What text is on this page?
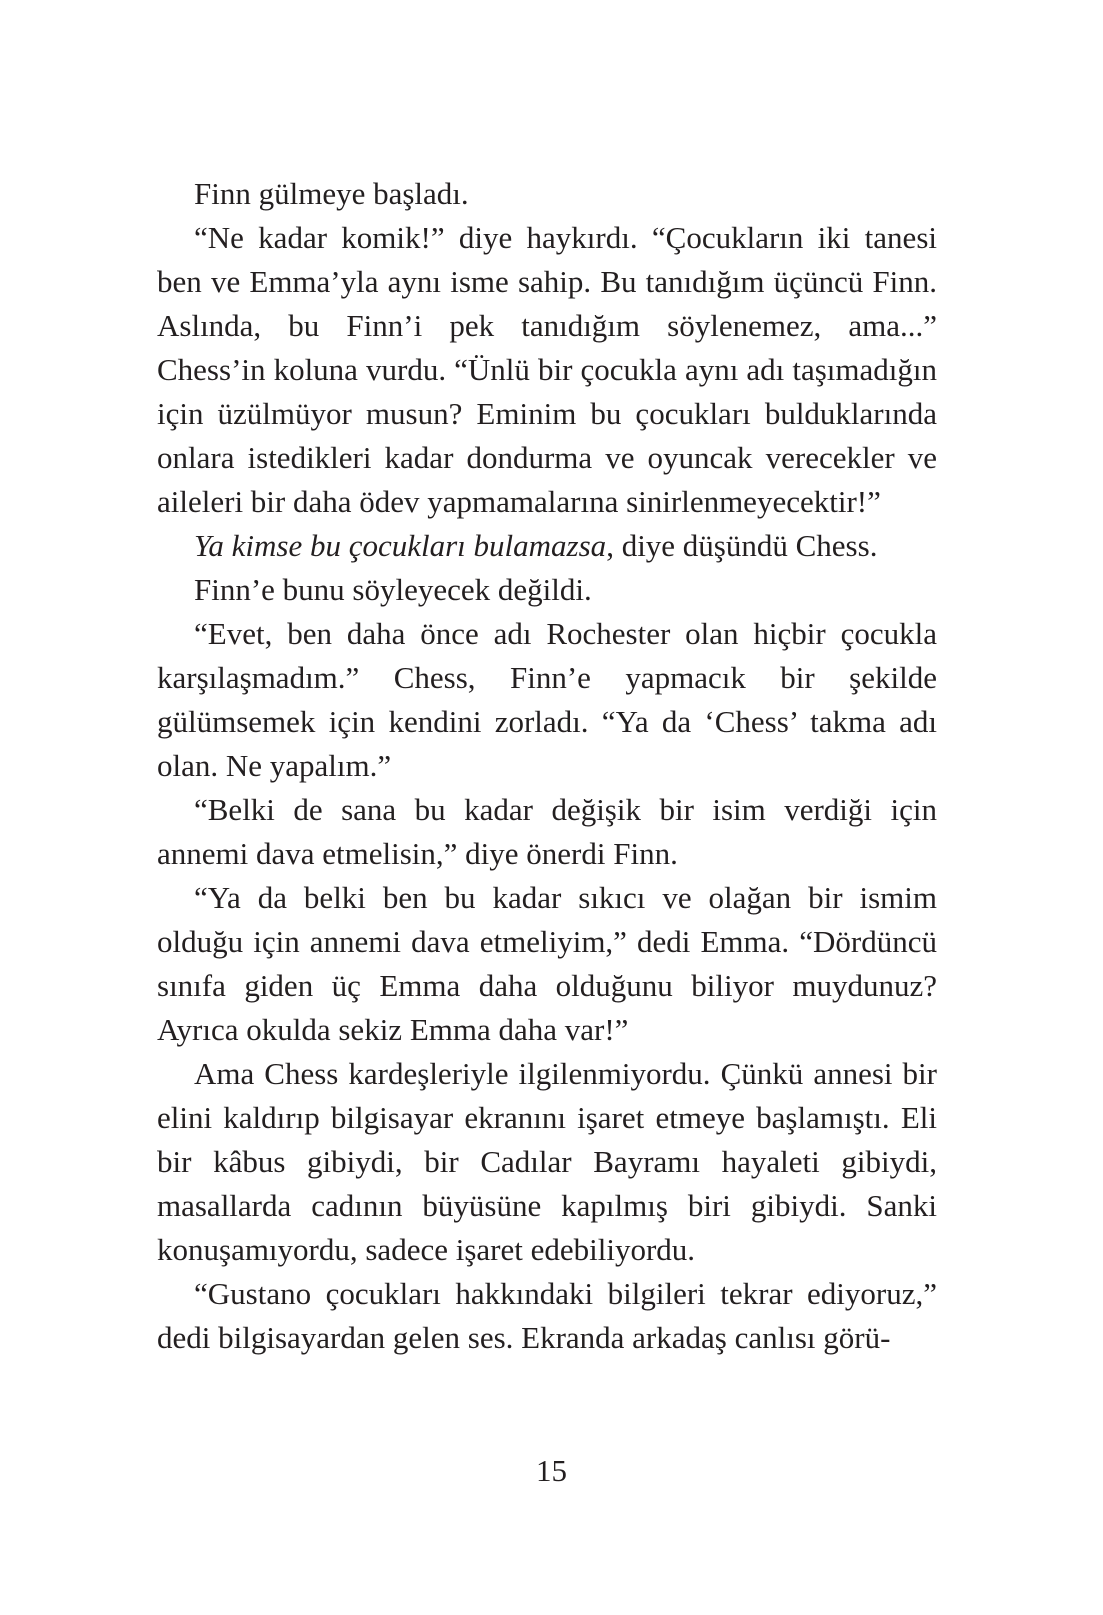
Finn gülmeye başladı.

“Ne kadar komik!” diye haykırdı. “Çocukların iki tanesi ben ve Emma’yla aynı isme sahip. Bu tanıdığım üçüncü Finn. Aslında, bu Finn’i pek tanıdığım söylenemez, ama...” Chess’in koluna vurdu. “Ünlü bir çocukla aynı adı taşımadığın için üzülmüyor musun? Eminim bu çocukları bulduklarında onlara istedikleri kadar dondurma ve oyuncak verecekler ve aileleri bir daha ödev yapmamalarına sinirlenmeyecektir!”

Ya kimse bu çocukları bulamazsa, diye düşündü Chess.

Finn’e bunu söyleyecek değildi.

“Evet, ben daha önce adı Rochester olan hiçbir çocukla karşılaşmadım.” Chess, Finn’e yapmacık bir şekilde gülümsemek için kendini zorladı. “Ya da ‘Chess’ takma adı olan. Ne yapalım.”

“Belki de sana bu kadar değişik bir isim verdiği için annemi dava etmelisin,” diye önerdi Finn.

“Ya da belki ben bu kadar sıkıcı ve olağan bir ismim olduğu için annemi dava etmeliyim,” dedi Emma. “Dördüncü sınıfa giden üç Emma daha olduğunu biliyor muydunuz? Ayrıca okulda sekiz Emma daha var!”

Ama Chess kardeşleriyle ilgilenmiyordu. Çünkü annesi bir elini kaldırıp bilgisayar ekranını işaret etmeye başlamıştı. Eli bir kâbus gibiydi, bir Cadılar Bayramı hayaleti gibiydi, masallarda cadının büyüsüne kapılmış biri gibiydi. Sanki konuşamıyordu, sadece işaret edebiliyordu.

“Gustano çocukları hakkındaki bilgileri tekrar ediyoruz,” dedi bilgisayardan gelen ses. Ekranda arkadaş canlısı görü-

15
